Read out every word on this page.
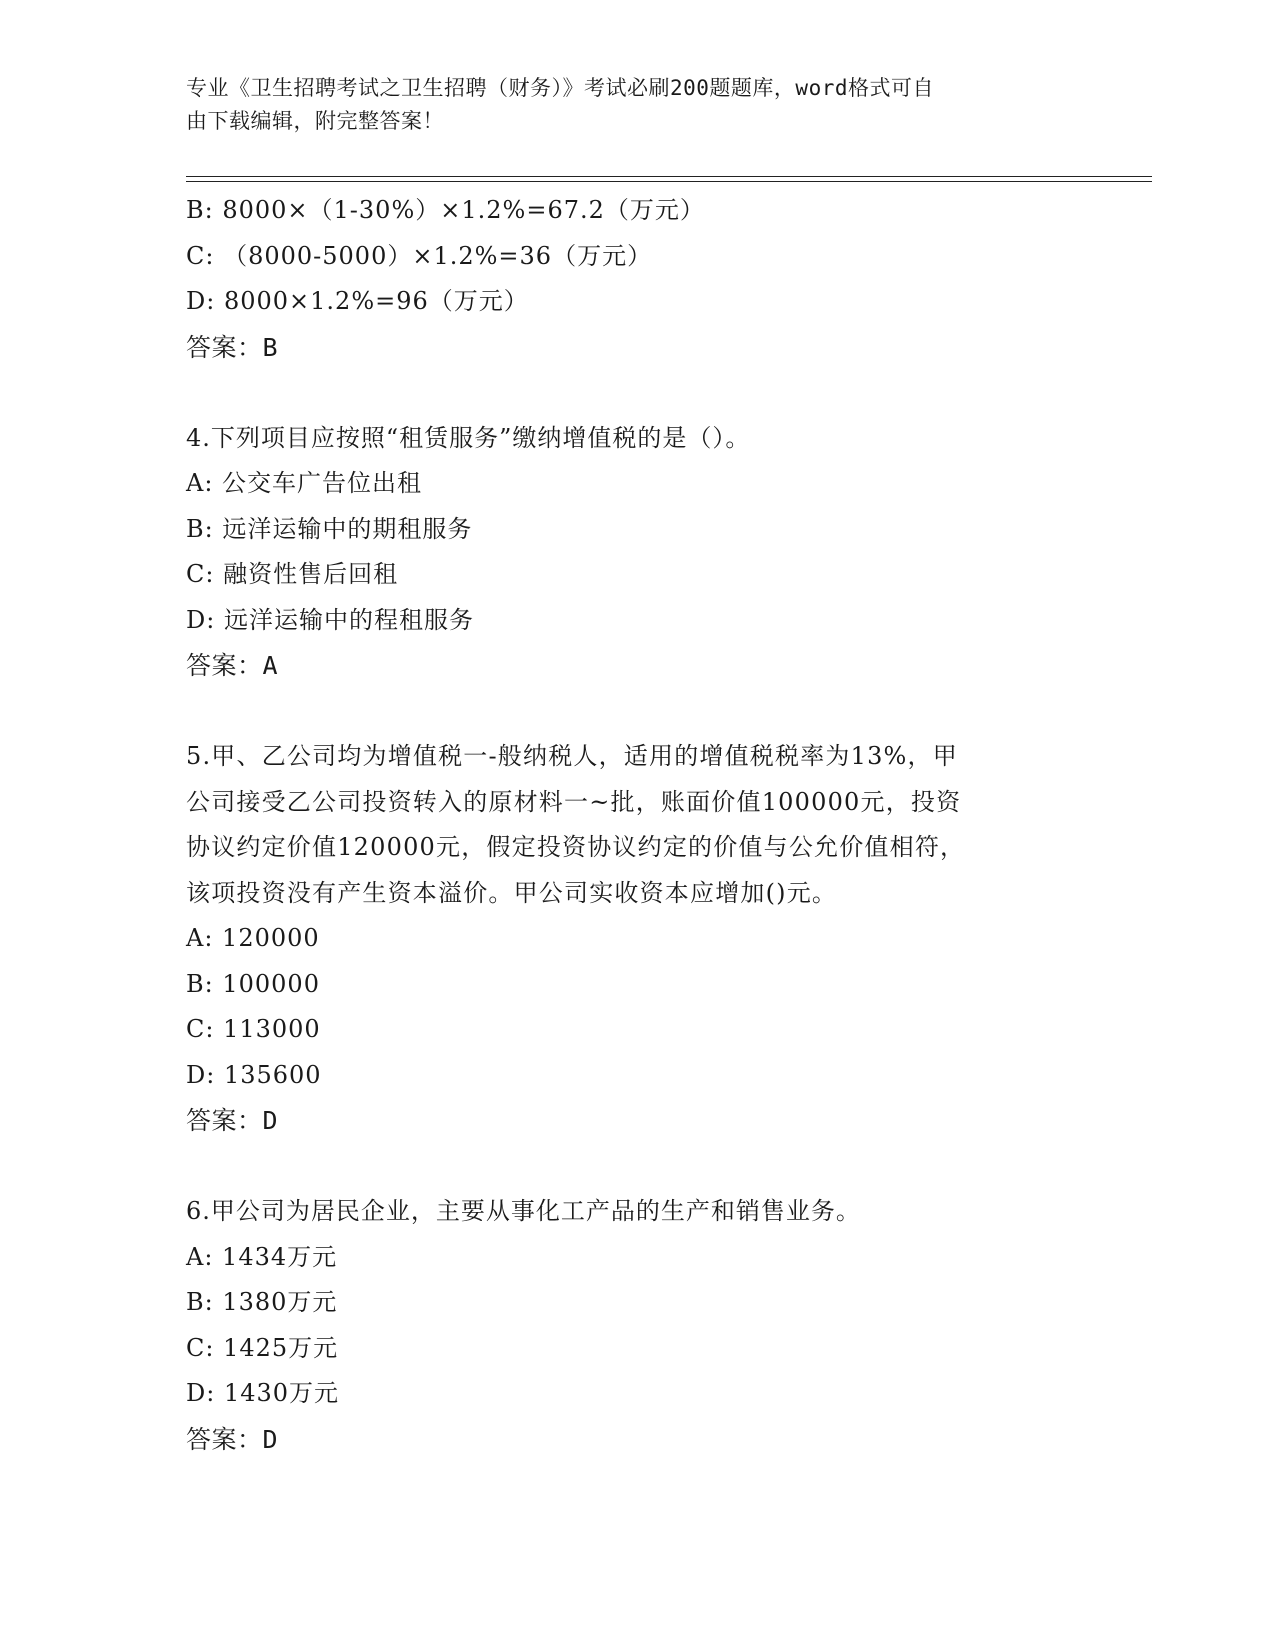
专业《卫生招聘考试之卫生招聘（财务）》考试必刷200题题库，word格式可自
由下载编辑，附完整答案！
B: 8000×（1-30%）×1.2%=67.2（万元）
C: （8000-5000）×1.2%=36（万元）
D: 8000×1.2%=96（万元）
答案：B
4.下列项目应按照“租赁服务”缴纳增值税的是（）。
A: 公交车广告位出租
B: 远洋运输中的期租服务
C: 融资性售后回租
D: 远洋运输中的程租服务
答案：A
5.甲、乙公司均为增值税一-般纳税人，适用的增值税税率为13%，甲
公司接受乙公司投资转入的原材料一~批，账面价值100000元，投资
协议约定价值120000元，假定投资协议约定的价值与公允价值相符，
该项投资没有产生资本溢价。甲公司实收资本应增加()元。
A: 120000
B: 100000
C: 113000
D: 135600
答案：D
6.甲公司为居民企业，主要从事化工产品的生产和销售业务。
A: 1434万元
B: 1380万元
C: 1425万元
D: 1430万元
答案：D
